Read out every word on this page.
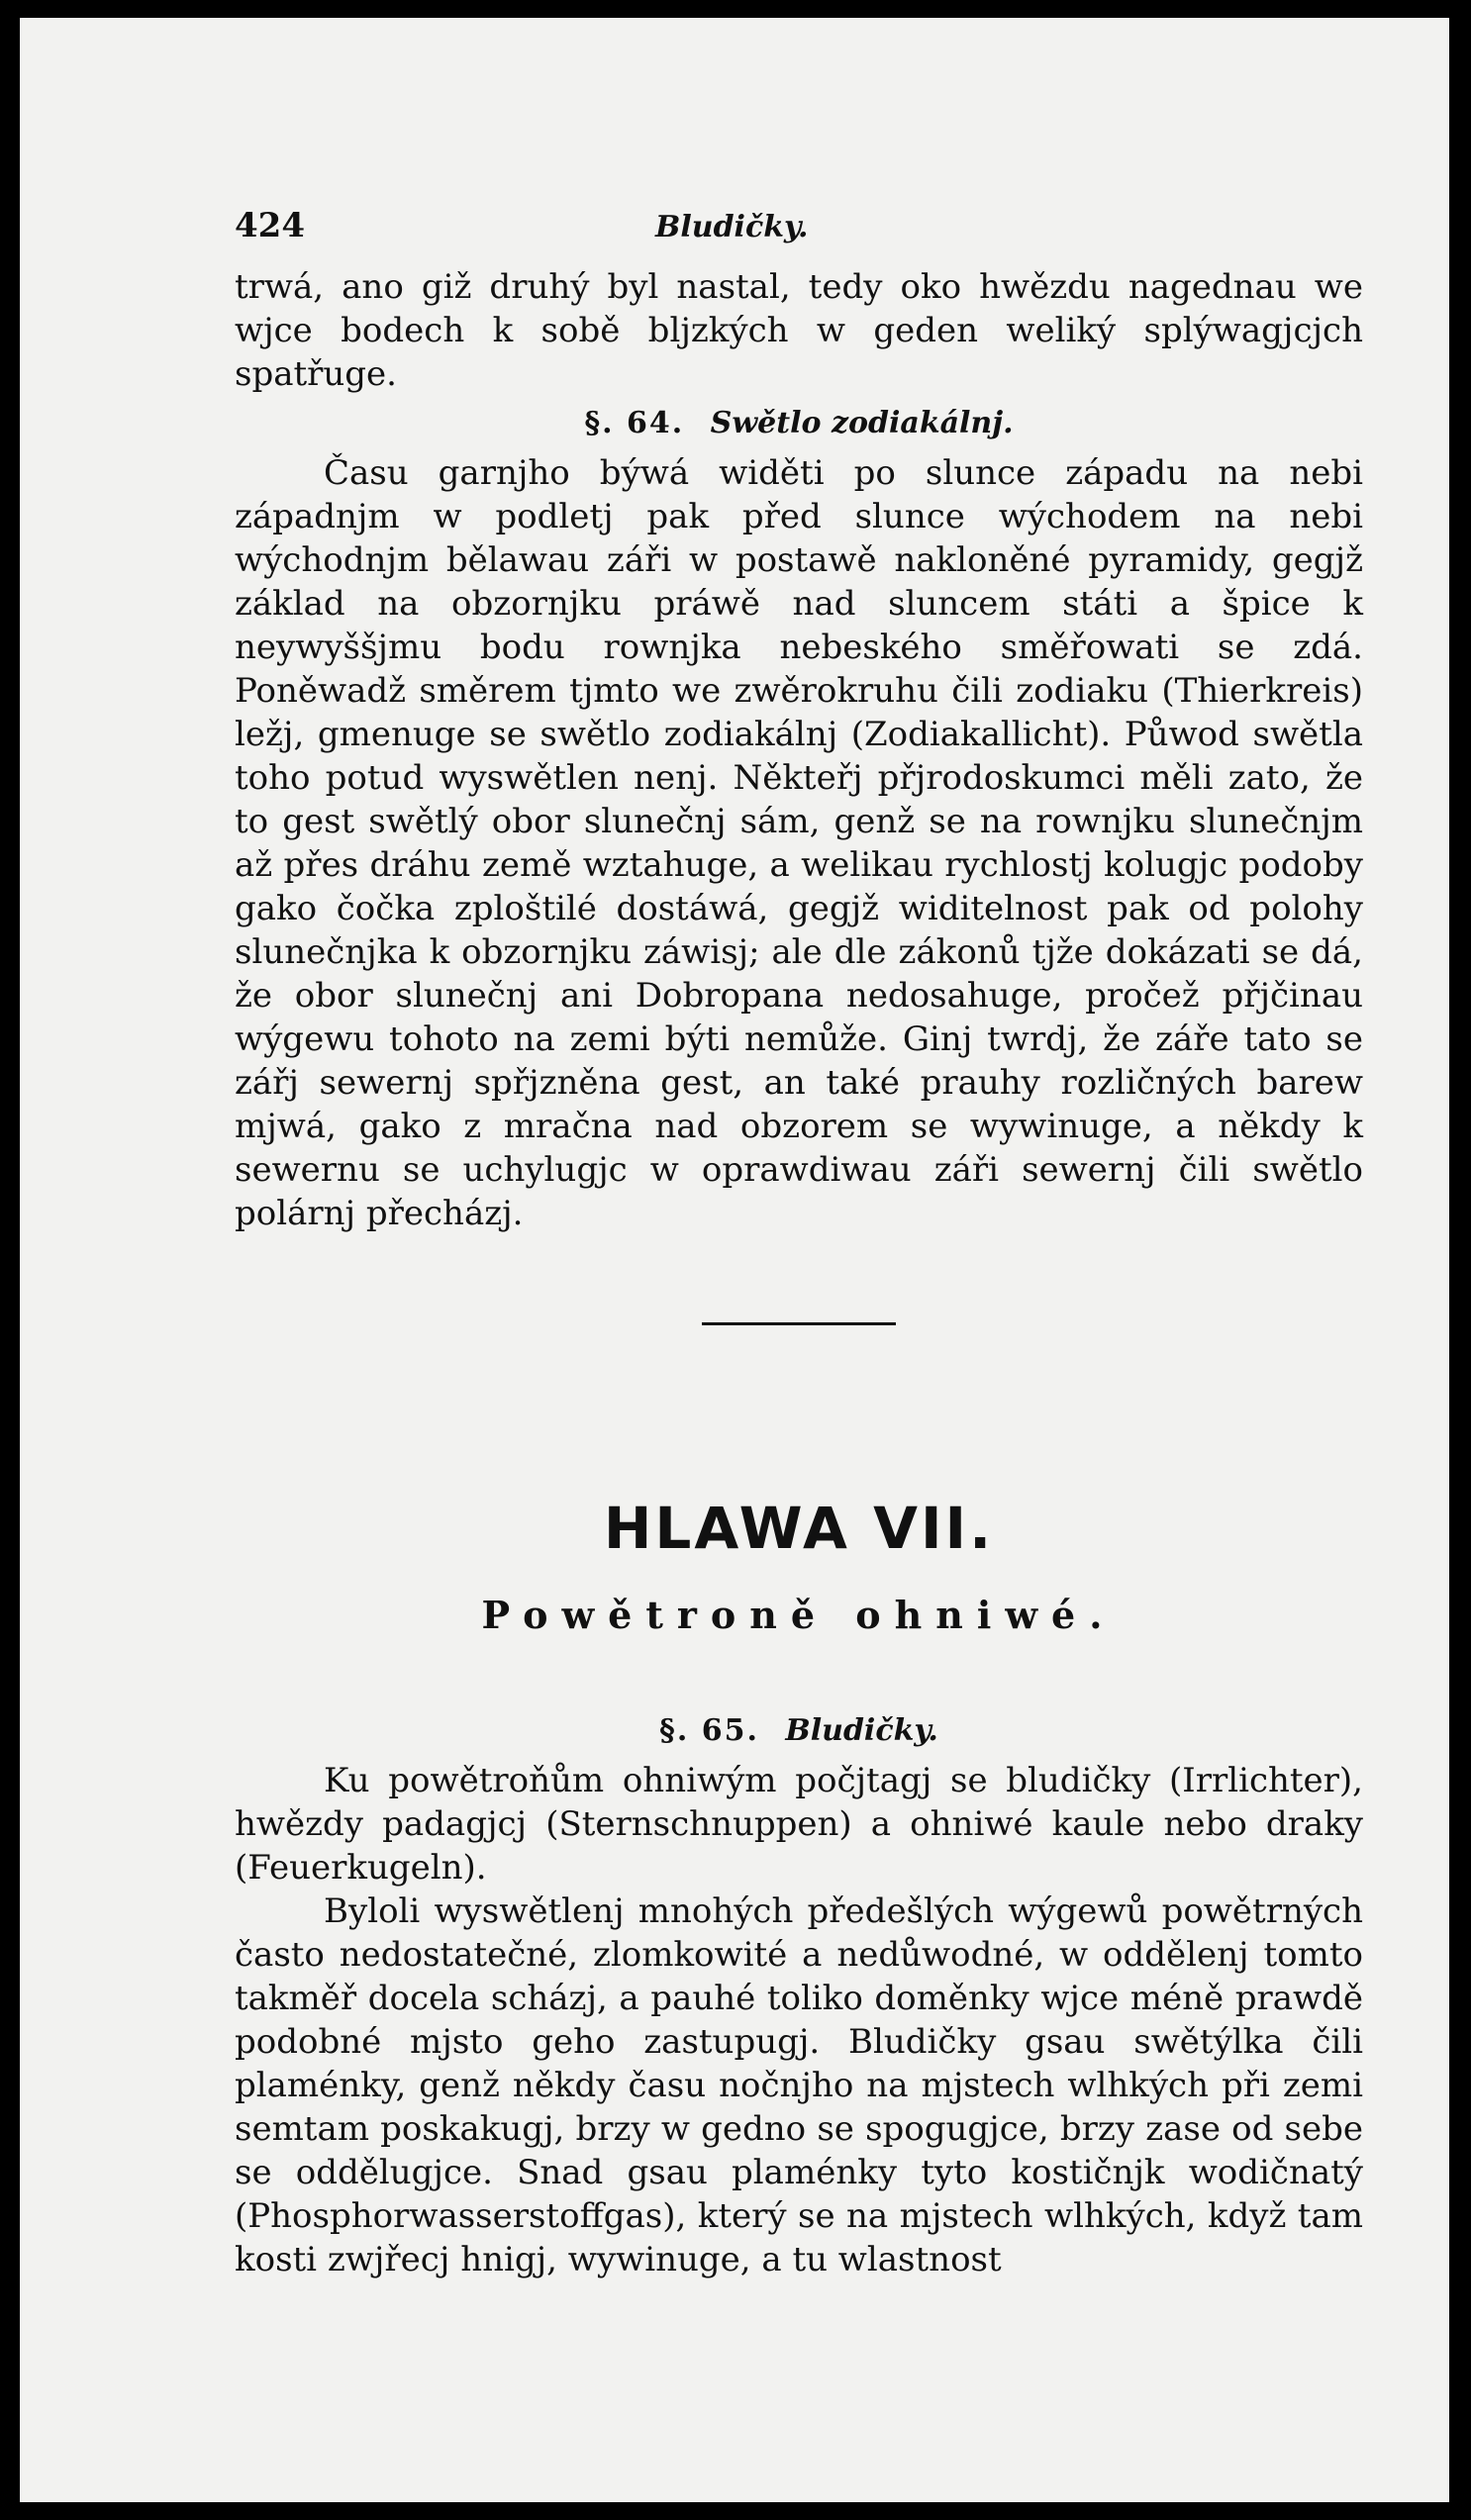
424	Bludičky.

trwá, ano giž druhý byl nastal, tedy oko hwězdu nagednau we wjce bodech k sobě bljzkých w geden weliký splýwagjcjch spatřuge.

§. 64. Swětlo zodiakálnj.

Času garnjho býwá widěti po slunce západu na nebi západnjm w podletj pak před slunce wýchodem na nebi wýchodnjm bělawau záři w postawě nakloněné pyramidy, gegjž základ na obzornjku práwě nad sluncem státi a špice k neywyššjmu bodu rownjka nebeského směřowati se zdá. Poněwadž směrem tjmto we zwěrokruhu čili zodiaku (Thierkreis) ležj, gmenuge se swětlo zodiakálnj (Zodiakallicht). Půwod swětla toho potud wyswětlen nenj. Někteřj přjrodoskumci měli zato, že to gest swětlý obor slunečnj sám, genž se na rownjku slunečnjm až přes dráhu země wztahuge, a welikau rychlostj kolugjc podoby gako čočka zploštilé dostáwá, gegjž widitelnost pak od polohy slunečnjka k obzornjku záwisj; ale dle zákonů tjže dokázati se dá, že obor slunečnj ani Dobropana nedosahuge, pročež přjčinau wýgewu tohoto na zemi býti nemůže. Ginj twrdj, že záře tato se zářj sewernj spřjzněna gest, an také prauhy rozličných barew mjwá, gako z mračna nad obzorem se wywinuge, a někdy k sewernu se uchylugjc w oprawdiwau záři sewernj čili swětlo polárnj přecházj.

HLAWA VII.
Powětroně ohniwé.
§. 65. Bludičky.

Ku powětroňům ohniwým počjtagj se bludičky (Irrlichter), hwězdy padagjcj (Sternschnuppen) a ohniwé kaule nebo draky (Feuerkugeln).

Byloli wyswětlenj mnohých předešlých wýgewů powětrných často nedostatečné, zlomkowité a nedůwodné, w oddělenj tomto takměř docela scházj, a pauhé toliko doměnky wjce méně prawdě podobné mjsto geho zastupugj. Bludičky gsau swětýlka čili plaménky, genž někdy času nočnjho na mjstech wlhkých při zemi semtam poskakugj, brzy w gedno se spogugjce, brzy zase od sebe se oddělugjce. Snad gsau plaménky tyto kostičnjk wodičnatý (Phosphorwasserstoffgas), který se na mjstech wlhkých, když tam kosti zwjřecj hnigj, wywinuge, a tu wlastnost
